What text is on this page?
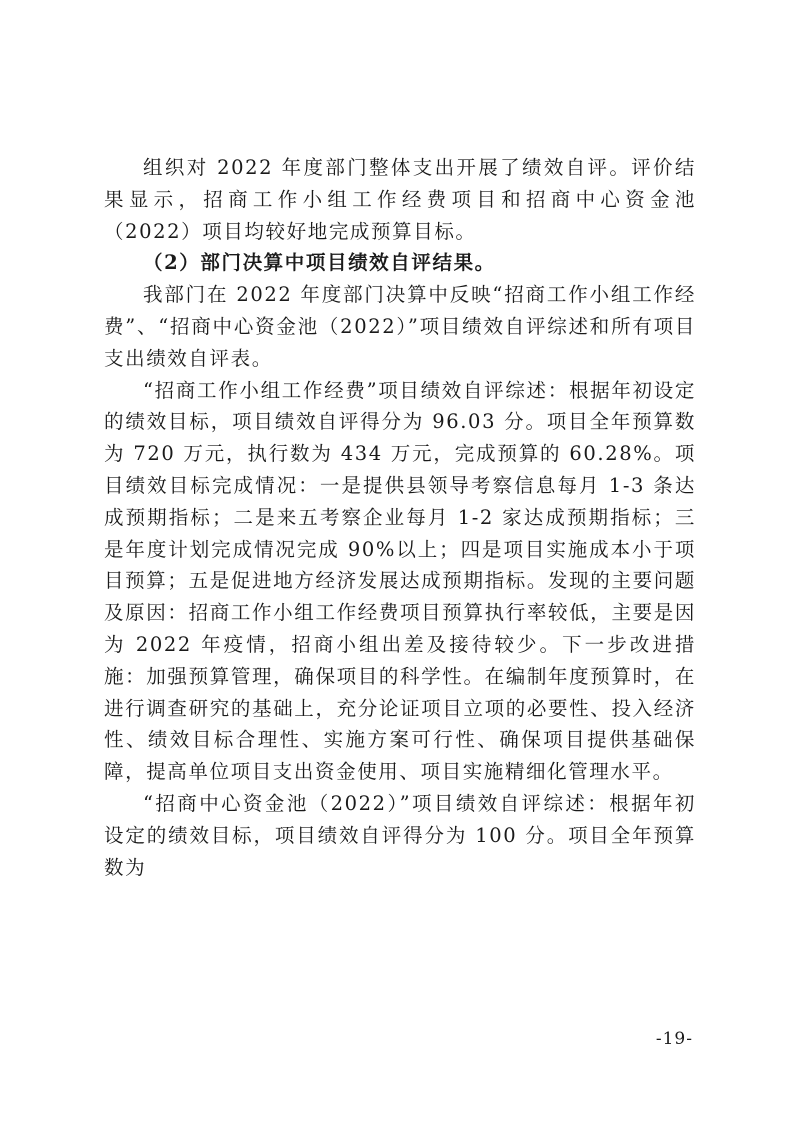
组织对 2022 年度部门整体支出开展了绩效自评。评价结果显示，招商工作小组工作经费项目和招商中心资金池（2022）项目均较好地完成预算目标。

（2）部门决算中项目绩效自评结果。

我部门在 2022 年度部门决算中反映“招商工作小组工作经费”、“招商中心资金池（2022）”项目绩效自评综述和所有项目支出绩效自评表。

“招商工作小组工作经费”项目绩效自评综述：根据年初设定的绩效目标，项目绩效自评得分为 96.03 分。项目全年预算数为 720 万元，执行数为 434 万元，完成预算的 60.28%。项目绩效目标完成情况：一是提供县领导考察信息每月 1-3 条达成预期指标；二是来五考察企业每月 1-2 家达成预期指标；三是年度计划完成情况完成 90%以上；四是项目实施成本小于项目预算；五是促进地方经济发展达成预期指标。发现的主要问题及原因：招商工作小组工作经费项目预算执行率较低，主要是因为 2022 年疫情，招商小组出差及接待较少。下一步改进措施：加强预算管理，确保项目的科学性。在编制年度预算时，在进行调查研究的基础上，充分论证项目立项的必要性、投入经济性、绩效目标合理性、实施方案可行性、确保项目提供基础保障，提高单位项目支出资金使用、项目实施精细化管理水平。

“招商中心资金池（2022）”项目绩效自评综述：根据年初设定的绩效目标，项目绩效自评得分为 100 分。项目全年预算数为

-19-
